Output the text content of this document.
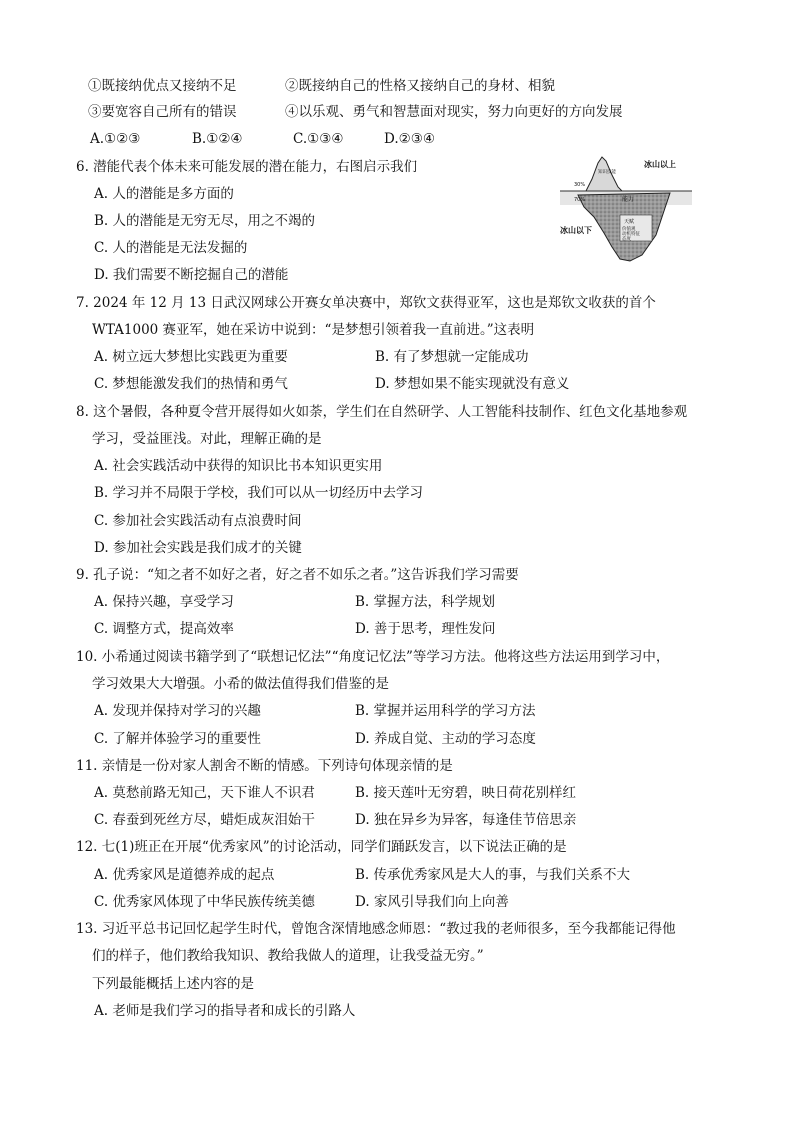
①既接纳优点又接纳不足	②既接纳自己的性格又接纳自己的身材、相貌
③要宽容自己所有的错误	④以乐观、勇气和智慧面对现实，努力向更好的方向发展
A.①②③	B.①②④	C.①③④	D.②③④
6. 潜能代表个体未来可能发展的潜在能力，右图启示我们
A. 人的潜能是多方面的
B. 人的潜能是无穷无尽，用之不竭的
C. 人的潜能是无法发掘的
D. 我们需要不断挖掘自己的潜能
知识技能
30%
70%	能力
天赋
价值观
动机特征
态度
冰山以上
冰山以下
7. 2024 年 12 月 13 日武汉网球公开赛女单决赛中，郑钦文获得亚军，这也是郑钦文收获的首个
WTA1000 赛亚军，她在采访中说到：“是梦想引领着我一直前进。”这表明
A. 树立远大梦想比实践更为重要	B. 有了梦想就一定能成功
C. 梦想能激发我们的热情和勇气	D. 梦想如果不能实现就没有意义
8. 这个暑假，各种夏令营开展得如火如荼，学生们在自然研学、人工智能科技制作、红色文化基地参观
学习，受益匪浅。对此，理解正确的是
A. 社会实践活动中获得的知识比书本知识更实用
B. 学习并不局限于学校，我们可以从一切经历中去学习
C. 参加社会实践活动有点浪费时间
D. 参加社会实践是我们成才的关键
9. 孔子说：“知之者不如好之者，好之者不如乐之者。”这告诉我们学习需要
A. 保持兴趣，享受学习	B. 掌握方法，科学规划
C. 调整方式，提高效率	D. 善于思考，理性发问
10. 小希通过阅读书籍学到了“联想记忆法”“角度记忆法”等学习方法。他将这些方法运用到学习中，
学习效果大大增强。小希的做法值得我们借鉴的是
A. 发现并保持对学习的兴趣	B. 掌握并运用科学的学习方法
C. 了解并体验学习的重要性	D. 养成自觉、主动的学习态度
11. 亲情是一份对家人割舍不断的情感。下列诗句体现亲情的是
A. 莫愁前路无知己，天下谁人不识君	B. 接天莲叶无穷碧，映日荷花别样红
C. 春蚕到死丝方尽，蜡炬成灰泪始干	D. 独在异乡为异客，每逢佳节倍思亲
12. 七(1)班正在开展“优秀家风”的讨论活动，同学们踊跃发言，以下说法正确的是
A. 优秀家风是道德养成的起点	B. 传承优秀家风是大人的事，与我们关系不大
C. 优秀家风体现了中华民族传统美德	D. 家风引导我们向上向善
13. 习近平总书记回忆起学生时代，曾饱含深情地感念师恩：“教过我的老师很多，至今我都能记得他
们的样子，他们教给我知识、教给我做人的道理，让我受益无穷。”
下列最能概括上述内容的是
A. 老师是我们学习的指导者和成长的引路人
